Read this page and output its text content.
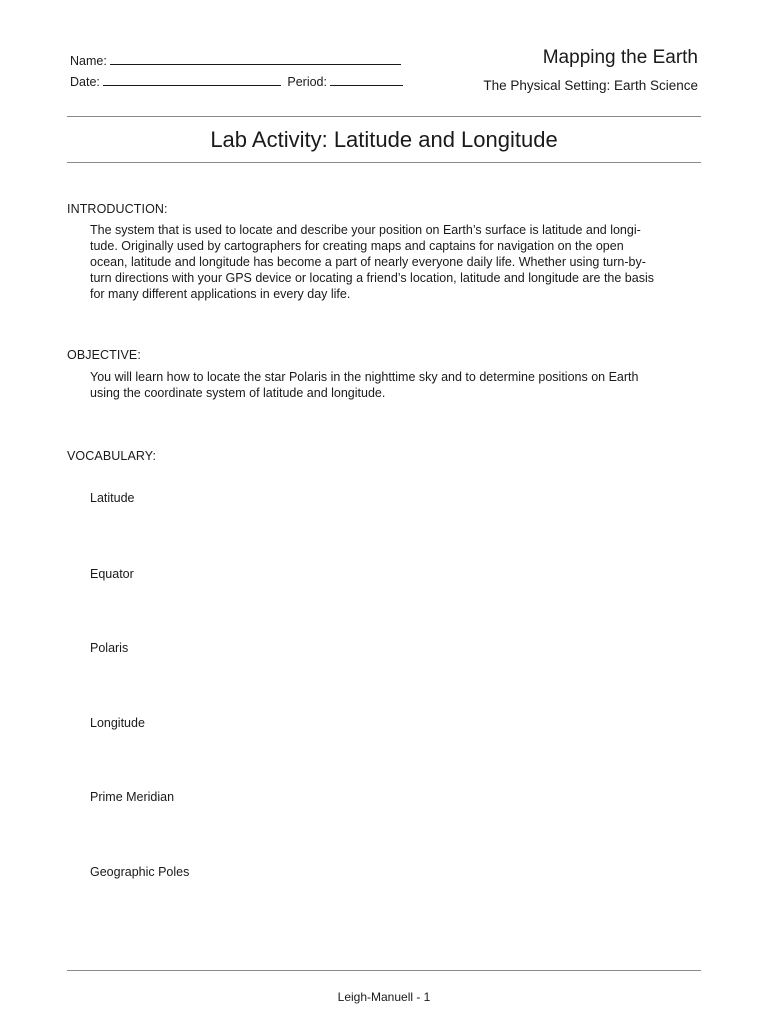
Name:
Date:	Period:
Mapping the Earth
The Physical Setting: Earth Science
Lab Activity: Latitude and Longitude
INTRODUCTION:
The system that is used to locate and describe your position on Earth’s surface is latitude and longi-
tude. Originally used by cartographers for creating maps and captains for navigation on the open
ocean, latitude and longitude has become a part of nearly everyone daily life. Whether using turn-by-
turn directions with your GPS device or locating a friend’s location, latitude and longitude are the basis
for many different applications in every day life.
OBJECTIVE:
You will learn how to locate the star Polaris in the nighttime sky and to determine positions on Earth
using the coordinate system of latitude and longitude.
VOCABULARY:
Latitude
Equator
Polaris
Longitude
Prime Meridian
Geographic Poles
Leigh-Manuell - 1
